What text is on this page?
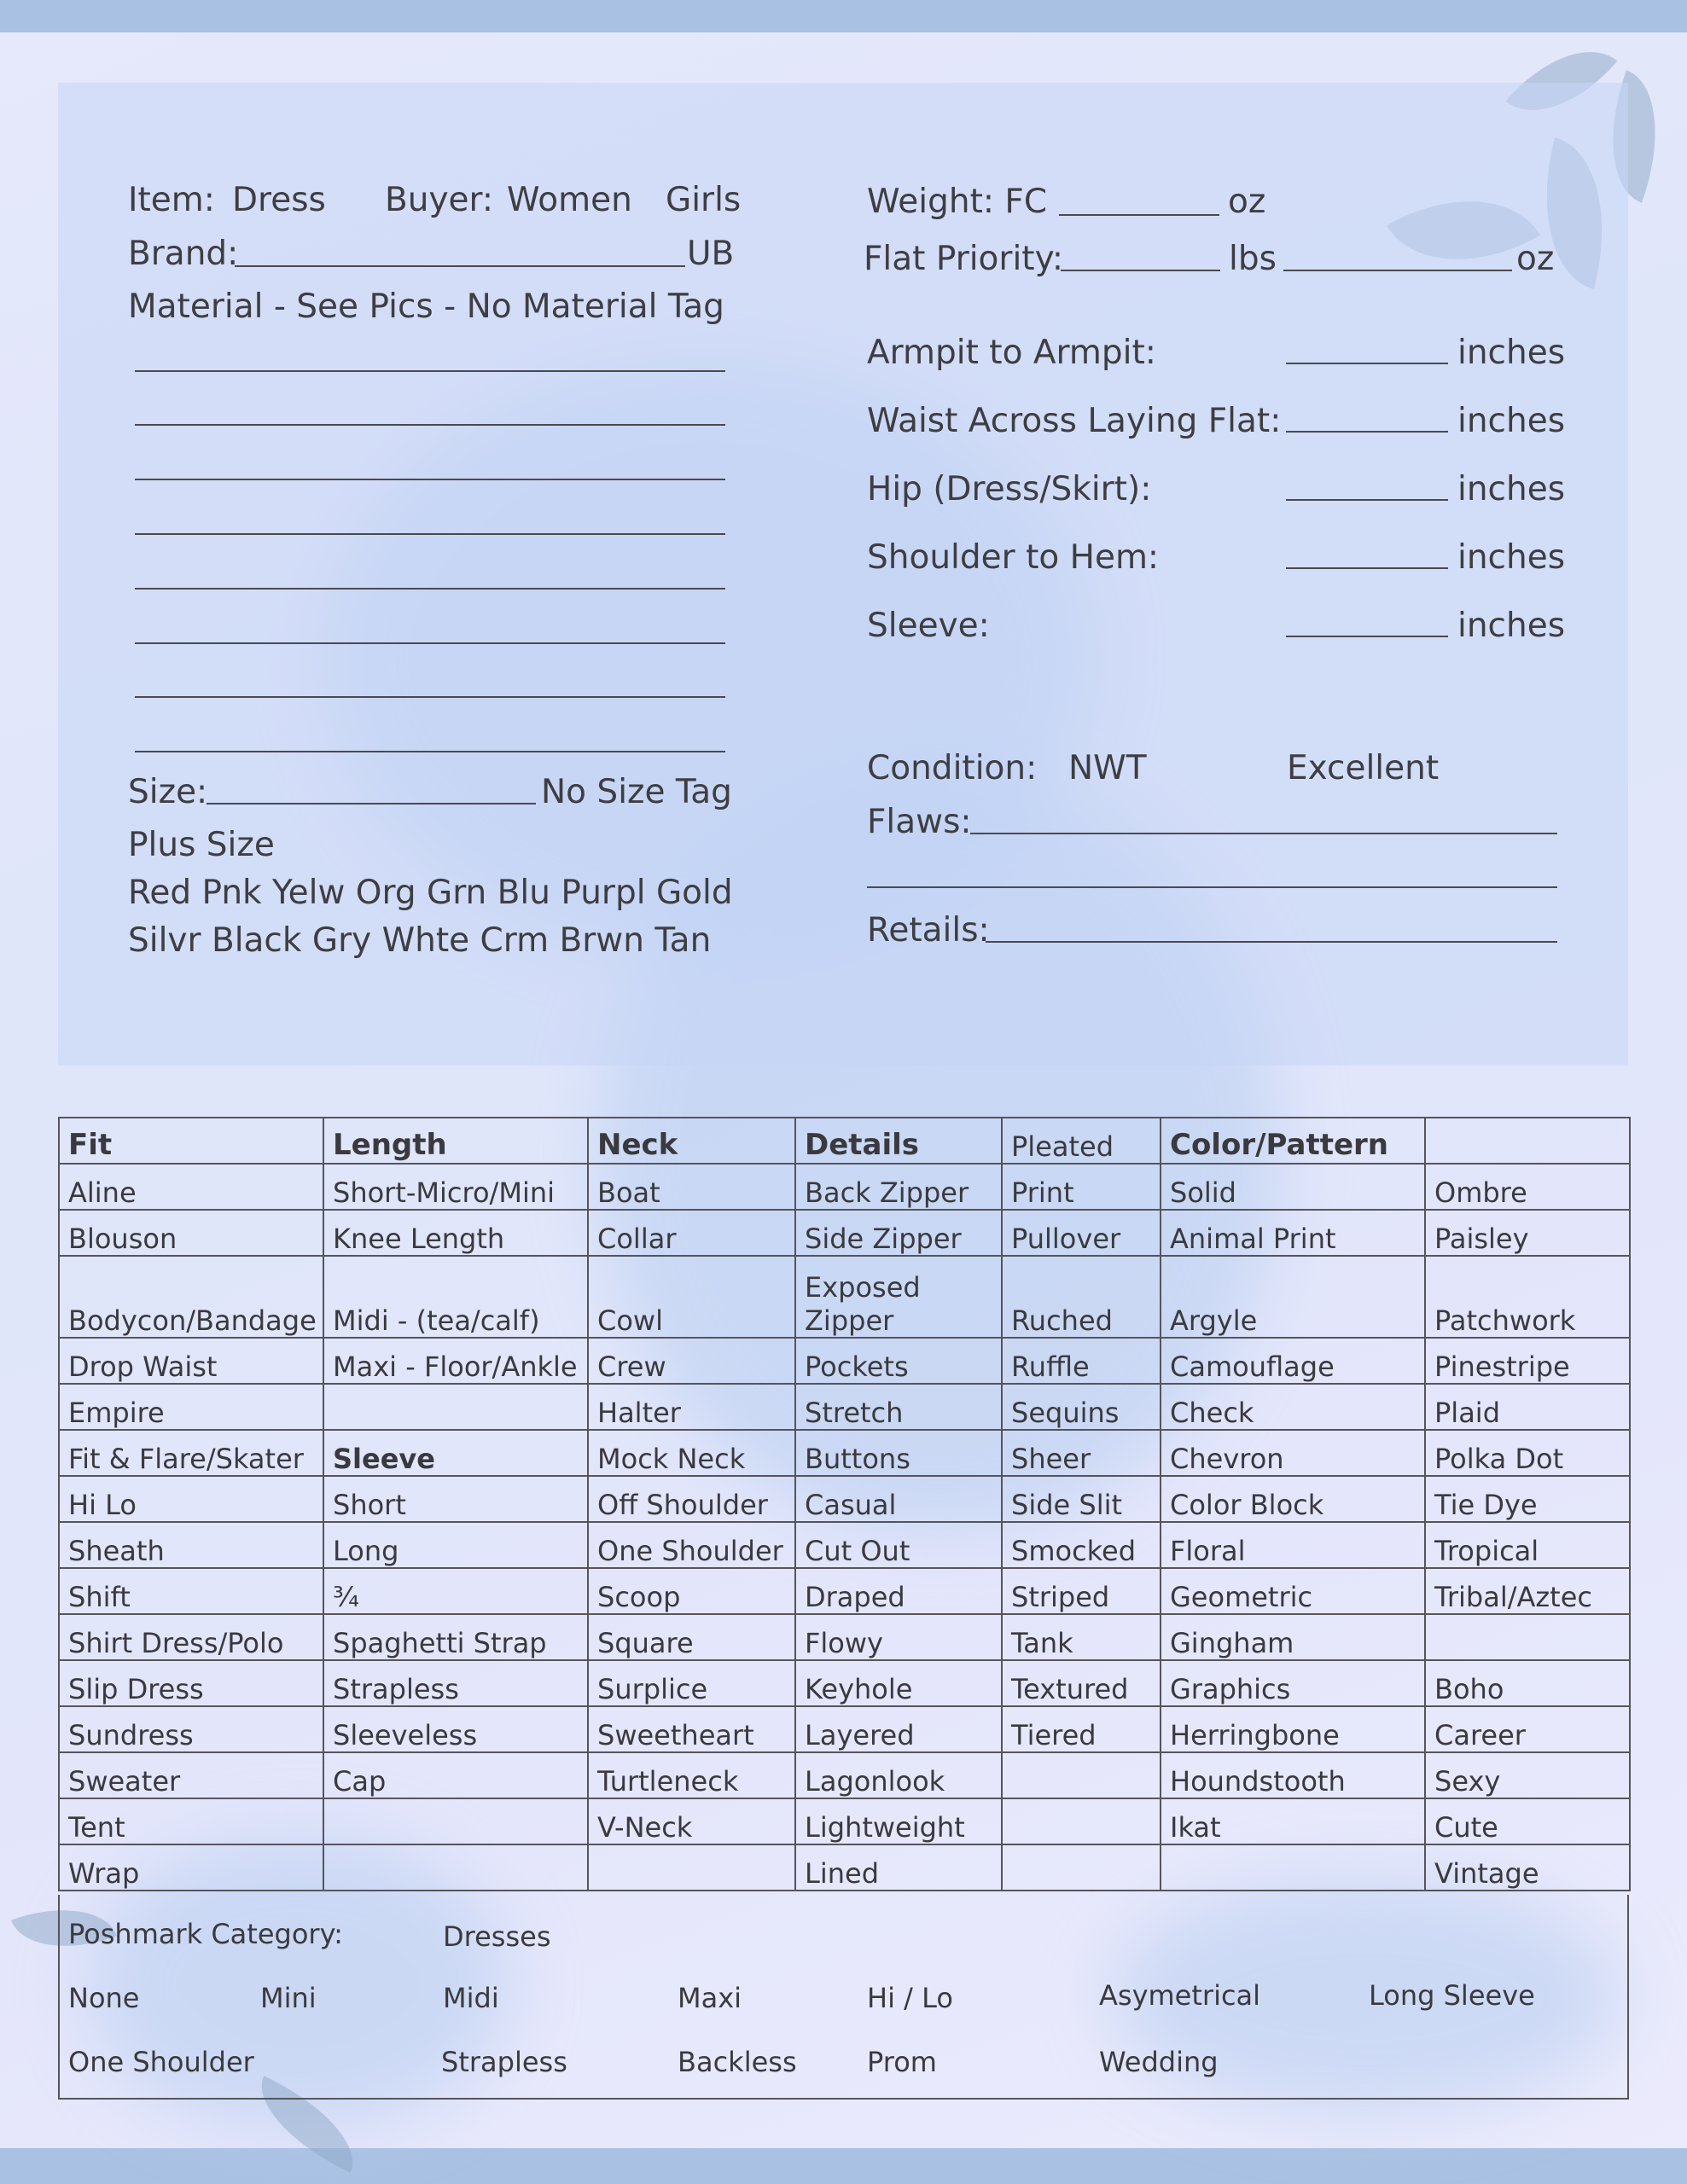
Item: Dress Buyer: Women Girls
Brand:	UB
Material - See Pics - No Material Tag
Size:	No Size Tag
Plus Size
Red Pnk Yelw Org Grn Blu Purpl Gold
Silvr Black Gry Whte Crm Brwn Tan
Weight: FC	oz
Flat Priority:	lbs	oz
Armpit to Armpit:	inches
Waist Across Laying Flat:	inches
Hip (Dress/Skirt):	inches
Shoulder to Hem:	inches
Sleeve:	inches
Condition: NWT	Excellent
Flaws:
Retails:
Fit	Length	Neck	Details	Pleated	Color/Pattern	
Aline	Short-Micro/Mini	Boat	Back Zipper	Print	Solid	Ombre
Blouson	Knee Length	Collar	Side Zipper	Pullover	Animal Print	Paisley
Bodycon/Bandage	Midi - (tea/calf)	Cowl	Exposed Zipper	Ruched	Argyle	Patchwork
Drop Waist	Maxi - Floor/Ankle	Crew	Pockets	Ruffle	Camouflage	Pinestripe
Empire		Halter	Stretch	Sequins	Check	Plaid
Fit & Flare/Skater	Sleeve	Mock Neck	Buttons	Sheer	Chevron	Polka Dot
Hi Lo	Short	Off Shoulder	Casual	Side Slit	Color Block	Tie Dye
Sheath	Long	One Shoulder	Cut Out	Smocked	Floral	Tropical
Shift	¾	Scoop	Draped	Striped	Geometric	Tribal/Aztec
Shirt Dress/Polo	Spaghetti Strap	Square	Flowy	Tank	Gingham	
Slip Dress	Strapless	Surplice	Keyhole	Textured	Graphics	Boho
Sundress	Sleeveless	Sweetheart	Layered	Tiered	Herringbone	Career
Sweater	Cap	Turtleneck	Lagonlook		Houndstooth	Sexy
Tent		V-Neck	Lightweight		Ikat	Cute
Wrap			Lined			Vintage
Poshmark Category:	Dresses
None	Mini	Midi	Maxi	Hi / Lo	Asymetrical	Long Sleeve
One Shoulder	Strapless	Backless	Prom	Wedding
